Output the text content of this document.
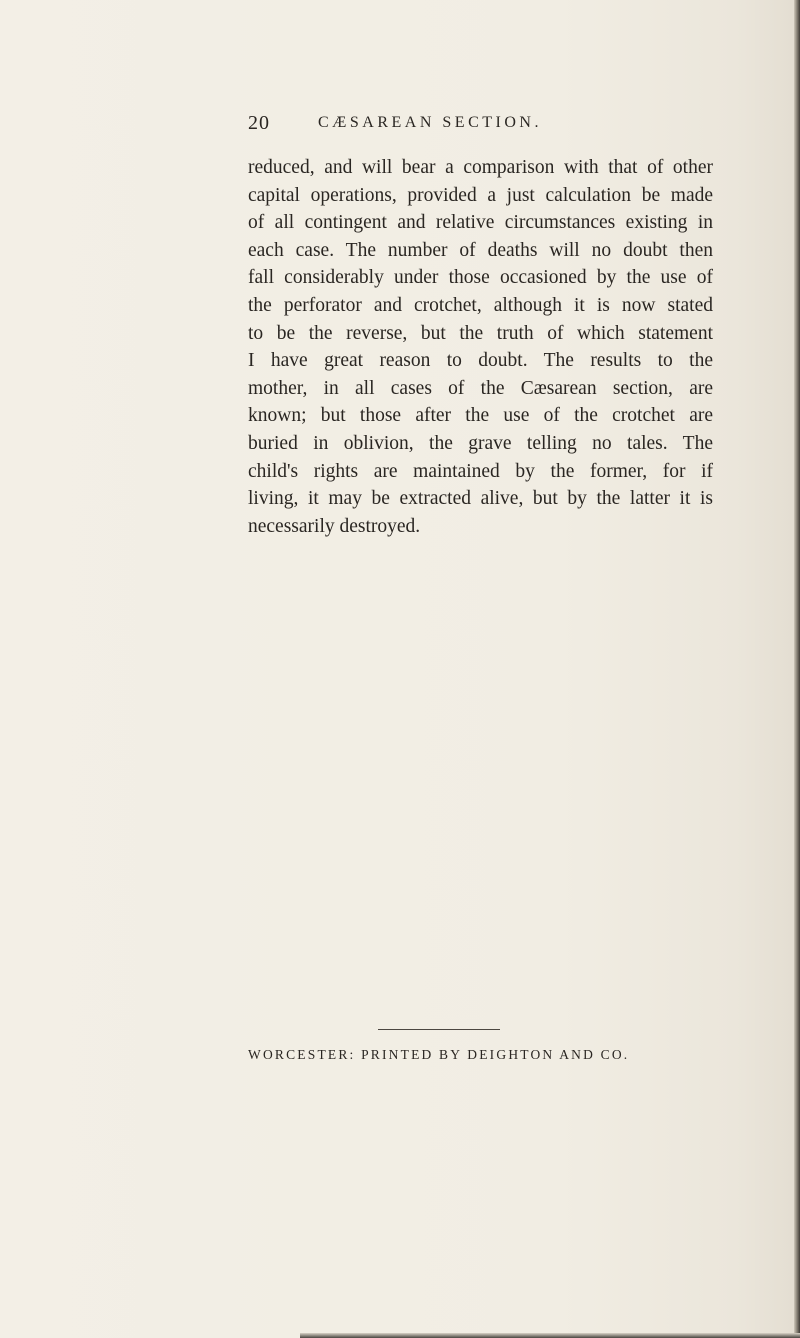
20	CÆSAREAN SECTION.
reduced, and will bear a comparison with that of other
capital operations, provided a just calculation be made
of all contingent and relative circumstances existing in
each case. The number of deaths will no doubt then
fall considerably under those occasioned by the use of
the perforator and crotchet, although it is now stated
to be the reverse, but the truth of which statement
I have great reason to doubt. The results to the
mother, in all cases of the Cæsarean section, are
known; but those after the use of the crotchet are
buried in oblivion, the grave telling no tales. The
child's rights are maintained by the former, for if
living, it may be extracted alive, but by the latter it is
necessarily destroyed.
WORCESTER: PRINTED BY DEIGHTON AND CO.
